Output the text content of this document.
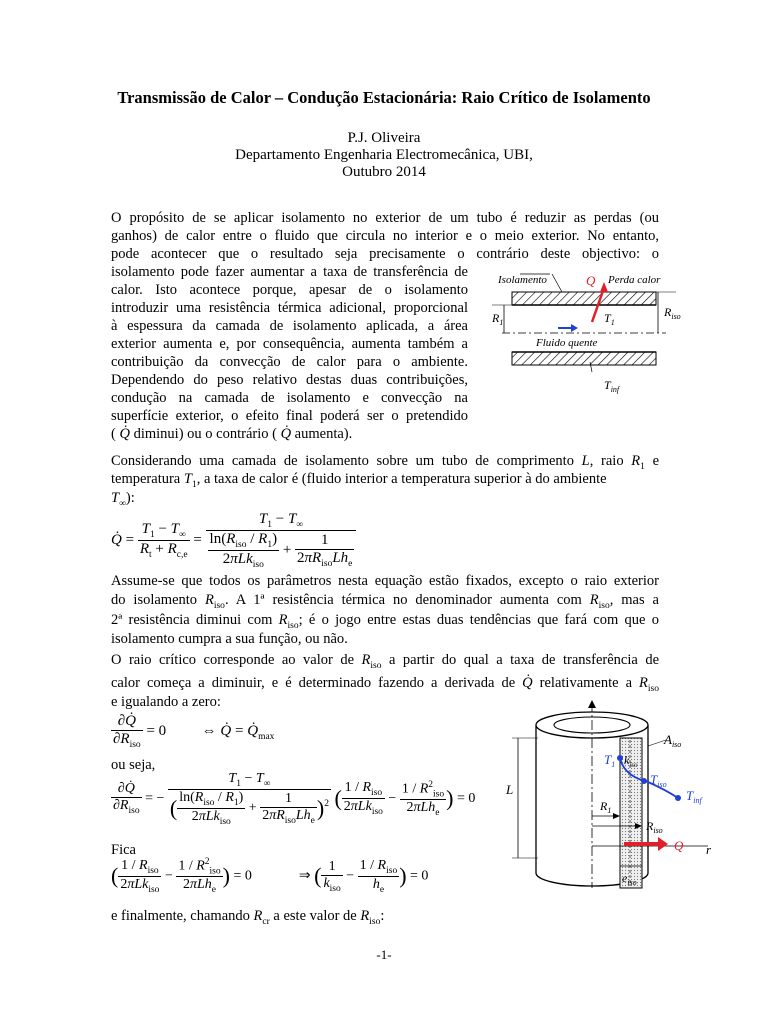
Transmissão de Calor – Condução Estacionária: Raio Crítico de Isolamento
P.J. Oliveira
Departamento Engenharia Electromecânica, UBI,
Outubro 2014
O propósito de se aplicar isolamento no exterior de um tubo é reduzir as perdas (ou
ganhos) de calor entre o fluido que circula no interior e o meio exterior. No entanto,
pode acontecer que o resultado seja precisamente o contrário deste objectivo: o
isolamento pode fazer aumentar a taxa de transferência de
calor. Isto acontece porque, apesar de o isolamento
introduzir uma resistência térmica adicional, proporcional
à espessura da camada de isolamento aplicada, a área
exterior aumenta e, por consequência, aumenta também a
contribuição da convecção de calor para o ambiente.
Dependendo do peso relativo destas duas contribuições,
condução na camada de isolamento e convecção na
superfície exterior, o efeito final poderá ser o pretendido
( Q̇ diminui) ou o contrário ( Q̇ aumenta).
Isolamento	Perda calor
Q
Fluido quente
$R_1$
$R_{iso}$
$T_1$
$T_{inf}$
Considerando uma camada de isolamento sobre um tubo de comprimento L, raio $R_1$ e
temperatura $T_1$, a taxa de calor é (fluido interior a temperatura superior à do ambiente
$T_\infty$):
Q̇ = $\frac{T_1 - T_\infty}{R_t + R_{c,e}} = \frac{T_1 - T_\infty}{\frac{\ln(R_{iso} / R_1)}{2\pi Lk_{iso}} + \frac{1}{2\pi R_{iso}Lh_e}}$
Assume-se que todos os parâmetros nesta equação estão fixados, excepto o raio exterior
do isolamento $R_{iso}$. A 1ª resistência térmica no denominador aumenta com $R_{iso}$, mas a
2ª resistência diminui com $R_{iso}$; é o jogo entre estas duas tendências que fará com que o
isolamento cumpra a sua função, ou não.
O raio crítico corresponde ao valor de $R_{iso}$ a partir do qual a taxa de transferência de
calor começa a diminuir, e é determinado fazendo a derivada de Q̇ relativamente a $R_{iso}$
e igualando a zero:
$\frac{\partial Q̇}{\partial R_{iso}} = 0$  ⇔ Q̇ = $Q̇_{max}$
ou seja,
$\frac{\partial Q̇}{\partial R_{iso}}$ = − $\frac{T_1 - T_\infty}{( \frac{\ln(R_{iso} / R_1)}{2\pi Lk_{iso}} + \frac{1}{2\pi R_{iso}Lh_e} )^2}$ ( $\frac{1 / R_{iso}}{2\pi Lk_{iso}} - \frac{1 / R^2_{iso}}{2\pi Lh_e}$ ) = 0
Fica
( $\frac{1 / R_{iso}}{2\pi Lk_{iso}} - \frac{1 / R^2_{iso}}{2\pi Lh_e}$ ) = 0	⇒ ( $\frac{1}{k_{iso}} - \frac{1 / R_{iso}}{h_e}$ ) = 0
e finalmente, chamando $R_{cr}$ a este valor de $R_{iso}$:
L
r
$A_{iso}$
$k_{iso}$
$T_1$
$T_{iso}$
$T_{inf}$
$R_1$
$R_{iso}$
Q
$e_{iso}$
-1-
